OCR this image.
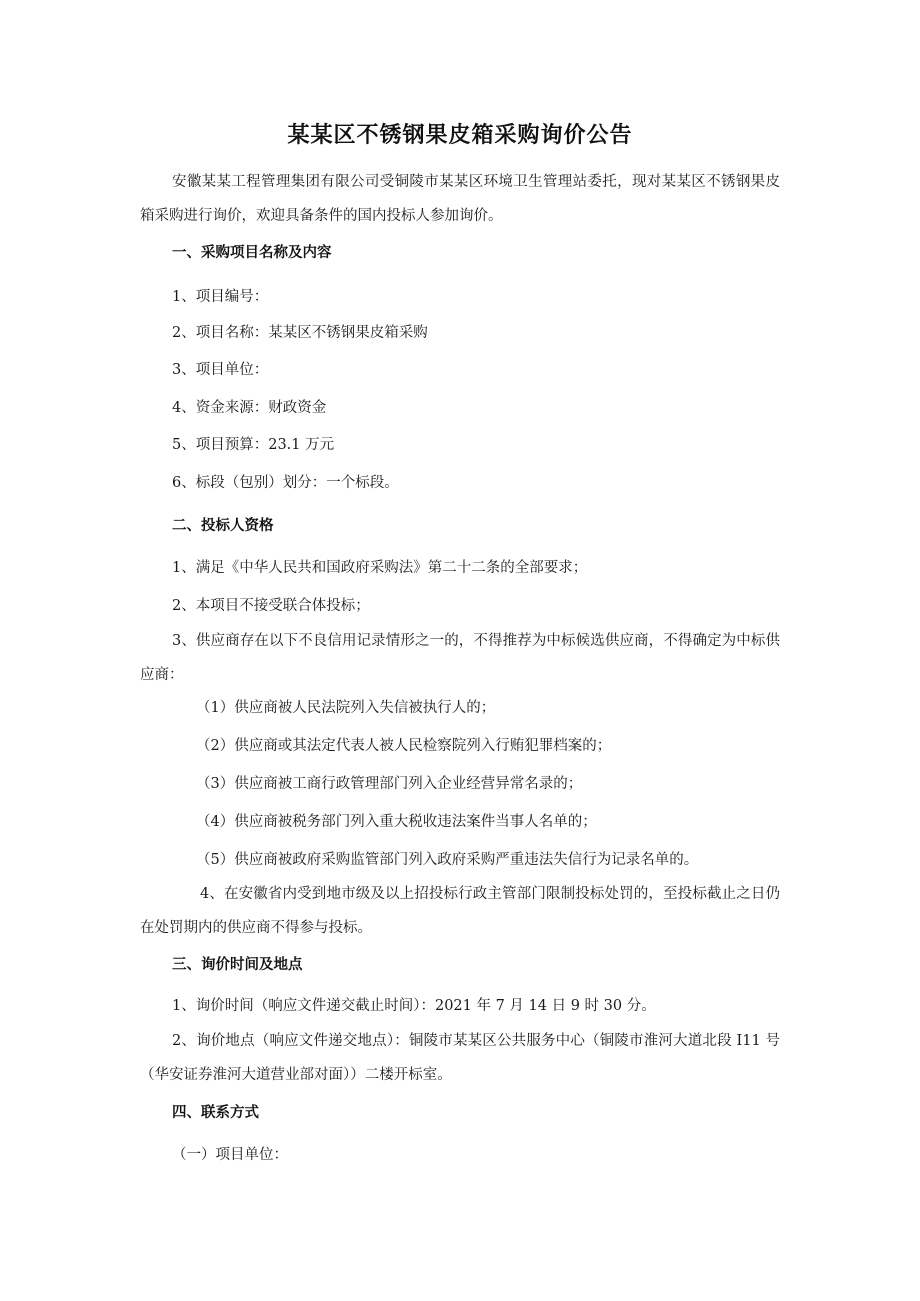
某某区不锈钢果皮箱采购询价公告
安徽某某工程管理集团有限公司受铜陵市某某区环境卫生管理站委托，现对某某区不锈钢果皮箱采购进行询价，欢迎具备条件的国内投标人参加询价。
一、采购项目名称及内容
1、项目编号：
2、项目名称：某某区不锈钢果皮箱采购
3、项目单位：
4、资金来源：财政资金
5、项目预算：23.1 万元
6、标段（包别）划分：一个标段。
二、投标人资格
1、满足《中华人民共和国政府采购法》第二十二条的全部要求；
2、本项目不接受联合体投标；
3、供应商存在以下不良信用记录情形之一的，不得推荐为中标候选供应商，不得确定为中标供应商：
（1）供应商被人民法院列入失信被执行人的；
（2）供应商或其法定代表人被人民检察院列入行贿犯罪档案的；
（3）供应商被工商行政管理部门列入企业经营异常名录的；
（4）供应商被税务部门列入重大税收违法案件当事人名单的；
（5）供应商被政府采购监管部门列入政府采购严重违法失信行为记录名单的。
4、在安徽省内受到地市级及以上招投标行政主管部门限制投标处罚的，至投标截止之日仍在处罚期内的供应商不得参与投标。
三、询价时间及地点
1、询价时间（响应文件递交截止时间）：2021 年 7 月 14 日 9 时 30 分。
2、询价地点（响应文件递交地点）：铜陵市某某区公共服务中心（铜陵市淮河大道北段 I11 号（华安证券淮河大道营业部对面））二楼开标室。
四、联系方式
（一）项目单位：
